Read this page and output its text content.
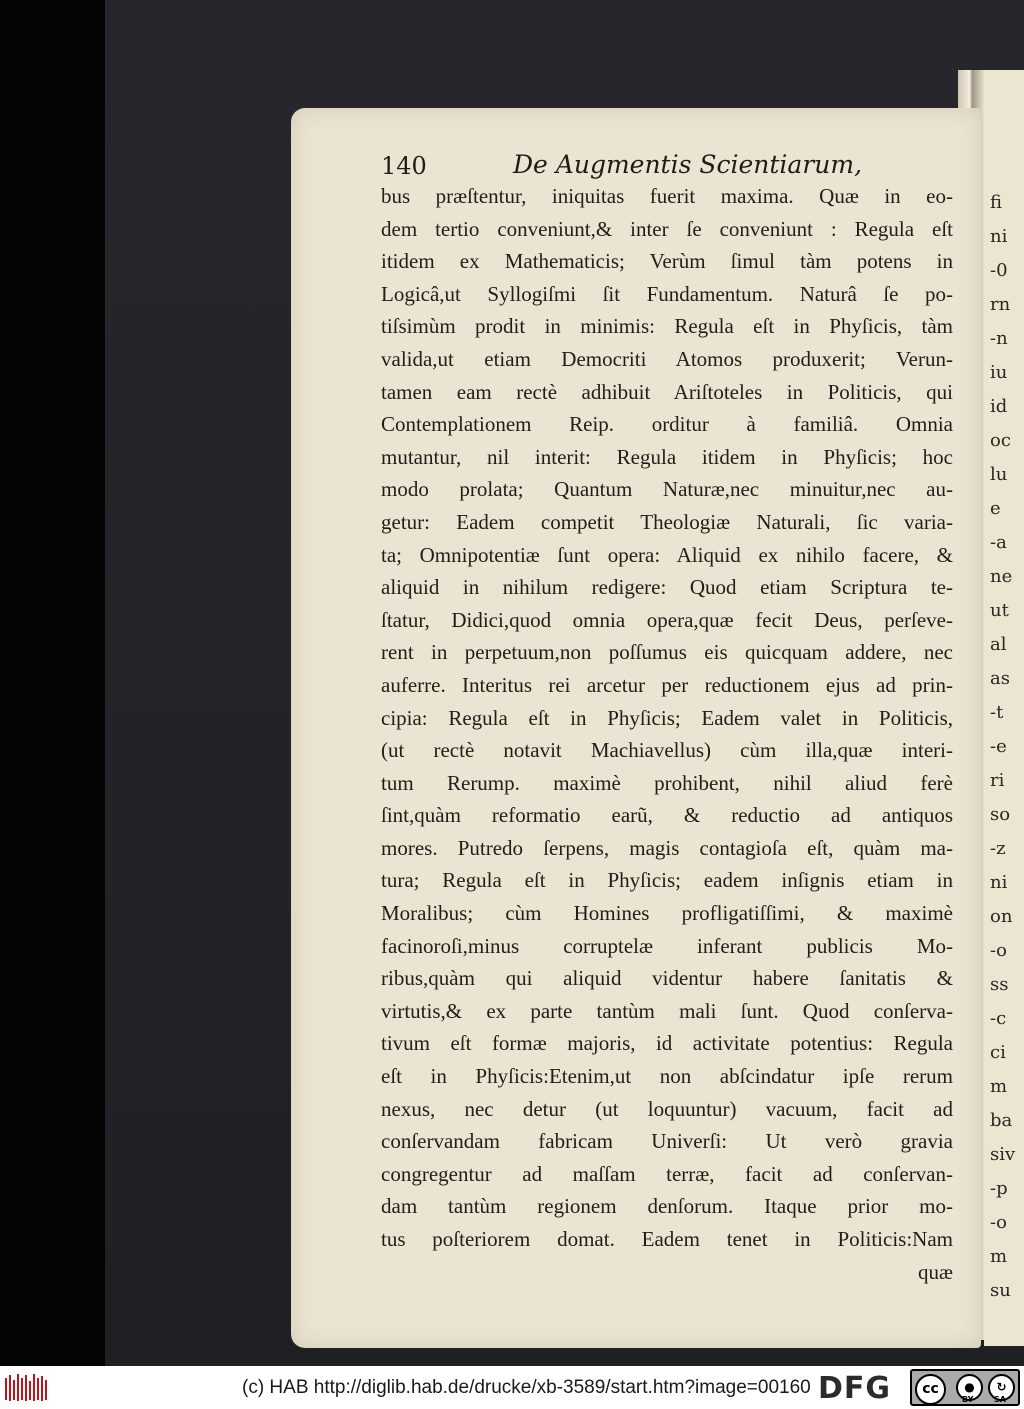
fi
ni
-0
rn
-n
iu
id
oc
lu
e
-a
ne
ut
al
as
-t
-e
ri
so
-z
ni
on
-o
ss
-c
ci
m
ba
siv
-p
-o
m
su
140	De Augmentis Scientiarum,
bus præſtentur, iniquitas fuerit maxima. Quæ in eo-
dem tertio conveniunt,& inter ſe conveniunt : Regula eſt
itidem ex Mathematicis; Verùm ſimul tàm potens in
Logicâ,ut Syllogiſmi ſit Fundamentum. Naturâ ſe po-
tiſsimùm prodit in minimis: Regula eſt in Phyſicis, tàm
valida,ut etiam Democriti Atomos produxerit; Verun-
tamen eam rectè adhibuit Ariſtoteles in Politicis, qui
Contemplationem Reip. orditur à familiâ. Omnia
mutantur, nil interit: Regula itidem in Phyſicis; hoc
modo prolata; Quantum Naturæ,nec minuitur,nec au-
getur: Eadem competit Theologiæ Naturali, ſic varia-
ta; Omnipotentiæ ſunt opera: Aliquid ex nihilo facere, &
aliquid in nihilum redigere: Quod etiam Scriptura te-
ſtatur, Didici,quod omnia opera,quæ fecit Deus, perſeve-
rent in perpetuum,non poſſumus eis quicquam addere, nec
auferre. Interitus rei arcetur per reductionem ejus ad prin-
cipia: Regula eſt in Phyſicis; Eadem valet in Politicis,
(ut rectè notavit Machiavellus) cùm illa,quæ interi-
tum Rerump. maximè prohibent, nihil aliud ferè
ſint,quàm reformatio earũ, & reductio ad antiquos
mores. Putredo ſerpens, magis contagioſa eſt, quàm ma-
tura; Regula eſt in Phyſicis; eadem inſignis etiam in
Moralibus; cùm Homines profligatiſſimi, & maximè
facinoroſi,minus corruptelæ inferant publicis Mo-
ribus,quàm qui aliquid videntur habere ſanitatis &
virtutis,& ex parte tantùm mali ſunt. Quod conſerva-
tivum eſt formæ majoris, id activitate potentius: Regula
eſt in Phyſicis:Etenim,ut non abſcindatur ipſe rerum
nexus, nec detur (ut loquuntur) vacuum, facit ad
conſervandam fabricam Univerſi: Ut verò gravia
congregentur ad maſſam terræ, facit ad conſervan-
dam tantùm regionem denſorum. Itaque prior mo-
tus poſteriorem domat. Eadem tenet in Politicis:Nam
quæ
(c) HAB http://diglib.hab.de/drucke/xb-3589/start.htm?image=00160 DFG	cc	●	↻
BY	SA
